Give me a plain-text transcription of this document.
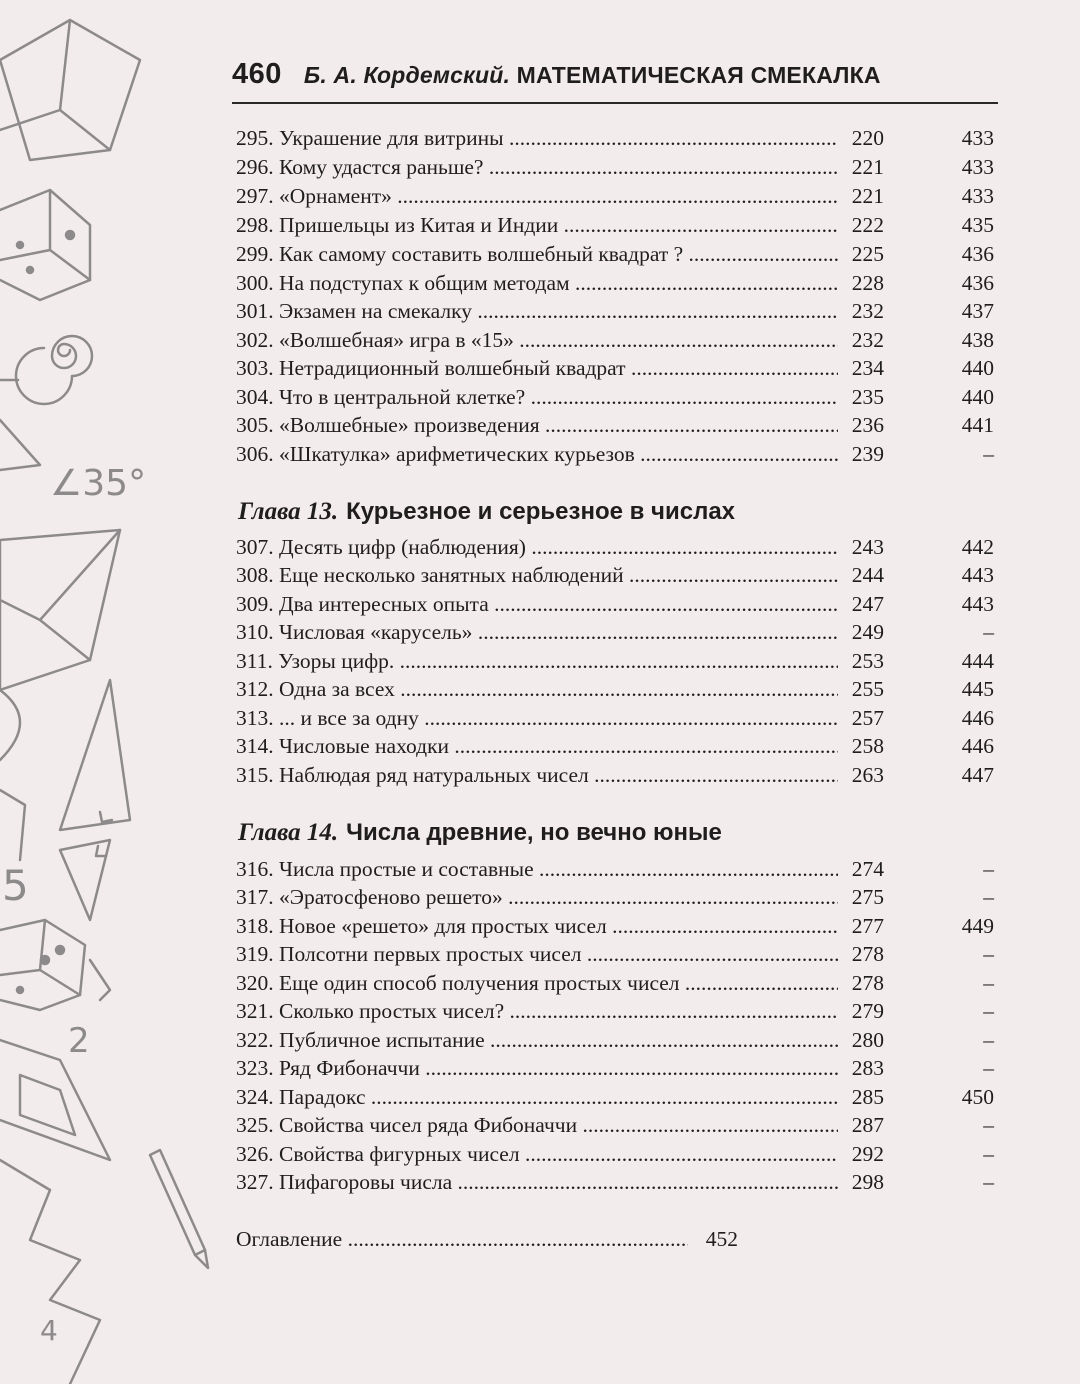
∠35°
5
2
4
460 Б. А. Кордемский. МАТЕМАТИЧЕСКАЯ СМЕКАЛКА
295. Украшение для витрины .....	220	433
296. Кому удастся раньше? .....	221	433
297. «Орнамент» .....	221	433
298. Пришельцы из Китая и Индии .....	222	435
299. Как самому составить волшебный квадрат ? .....	225	436
300. На подступах к общим методам .....	228	436
301. Экзамен на смекалку .....	232	437
302. «Волшебная» игра в «15» .....	232	438
303. Нетрадиционный волшебный квадрат .....	234	440
304. Что в центральной клетке? .....	235	440
305. «Волшебные» произведения .....	236	441
306. «Шкатулка» арифметических курьезов .....	239	–
Глава 13. Курьезное и серьезное в числах
307. Десять цифр (наблюдения) .....	243	442
308. Еще несколько занятных наблюдений .....	244	443
309. Два интересных опыта .....	247	443
310. Числовая «карусель» .....	249	–
311. Узоры цифр. .....	253	444
312. Одна за всех .....	255	445
313. ... и все за одну .....	257	446
314. Числовые находки .....	258	446
315. Наблюдая ряд натуральных чисел .....	263	447
Глава 14. Числа древние, но вечно юные
316. Числа простые и составные .....	274	–
317. «Эратосфеново решето» .....	275	–
318. Новое «решето» для простых чисел .....	277	449
319. Полсотни первых простых чисел .....	278	–
320. Еще один способ получения простых чисел .....	278	–
321. Сколько простых чисел? .....	279	–
322. Публичное испытание .....	280	–
323. Ряд Фибоначчи .....	283	–
324. Парадокс .....	285	450
325. Свойства чисел ряда Фибоначчи .....	287	–
326. Свойства фигурных чисел .....	292	–
327. Пифагоровы числа .....	298	–
Оглавление .....	452
